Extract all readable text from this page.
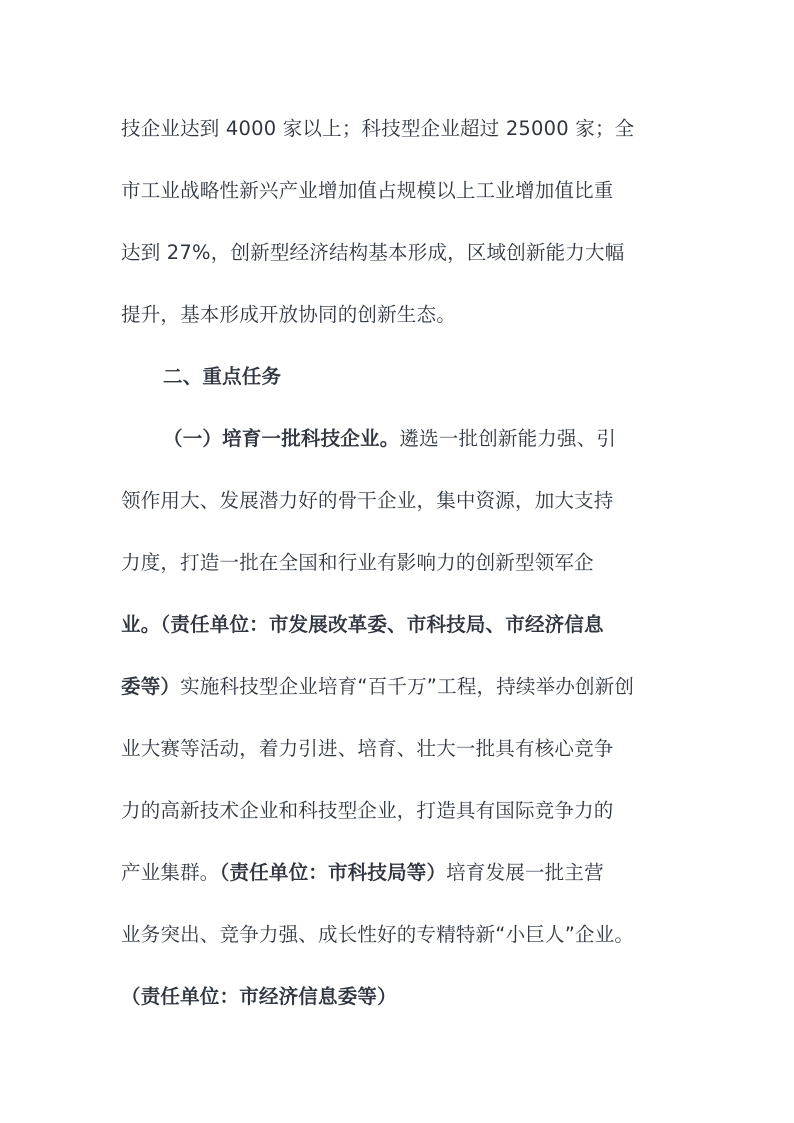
技企业达到 4000 家以上；科技型企业超过 25000 家；全
市工业战略性新兴产业增加值占规模以上工业增加值比重
达到 27%，创新型经济结构基本形成，区域创新能力大幅
提升，基本形成开放协同的创新生态。
二、重点任务
（一）培育一批科技企业。遴选一批创新能力强、引
领作用大、发展潜力好的骨干企业，集中资源，加大支持
力度，打造一批在全国和行业有影响力的创新型领军企
业。（责任单位：市发展改革委、市科技局、市经济信息
委等）实施科技型企业培育“百千万”工程，持续举办创新创
业大赛等活动，着力引进、培育、壮大一批具有核心竞争
力的高新技术企业和科技型企业，打造具有国际竞争力的
产业集群。（责任单位：市科技局等）培育发展一批主营
业务突出、竞争力强、成长性好的专精特新“小巨人”企业。
（责任单位：市经济信息委等）
